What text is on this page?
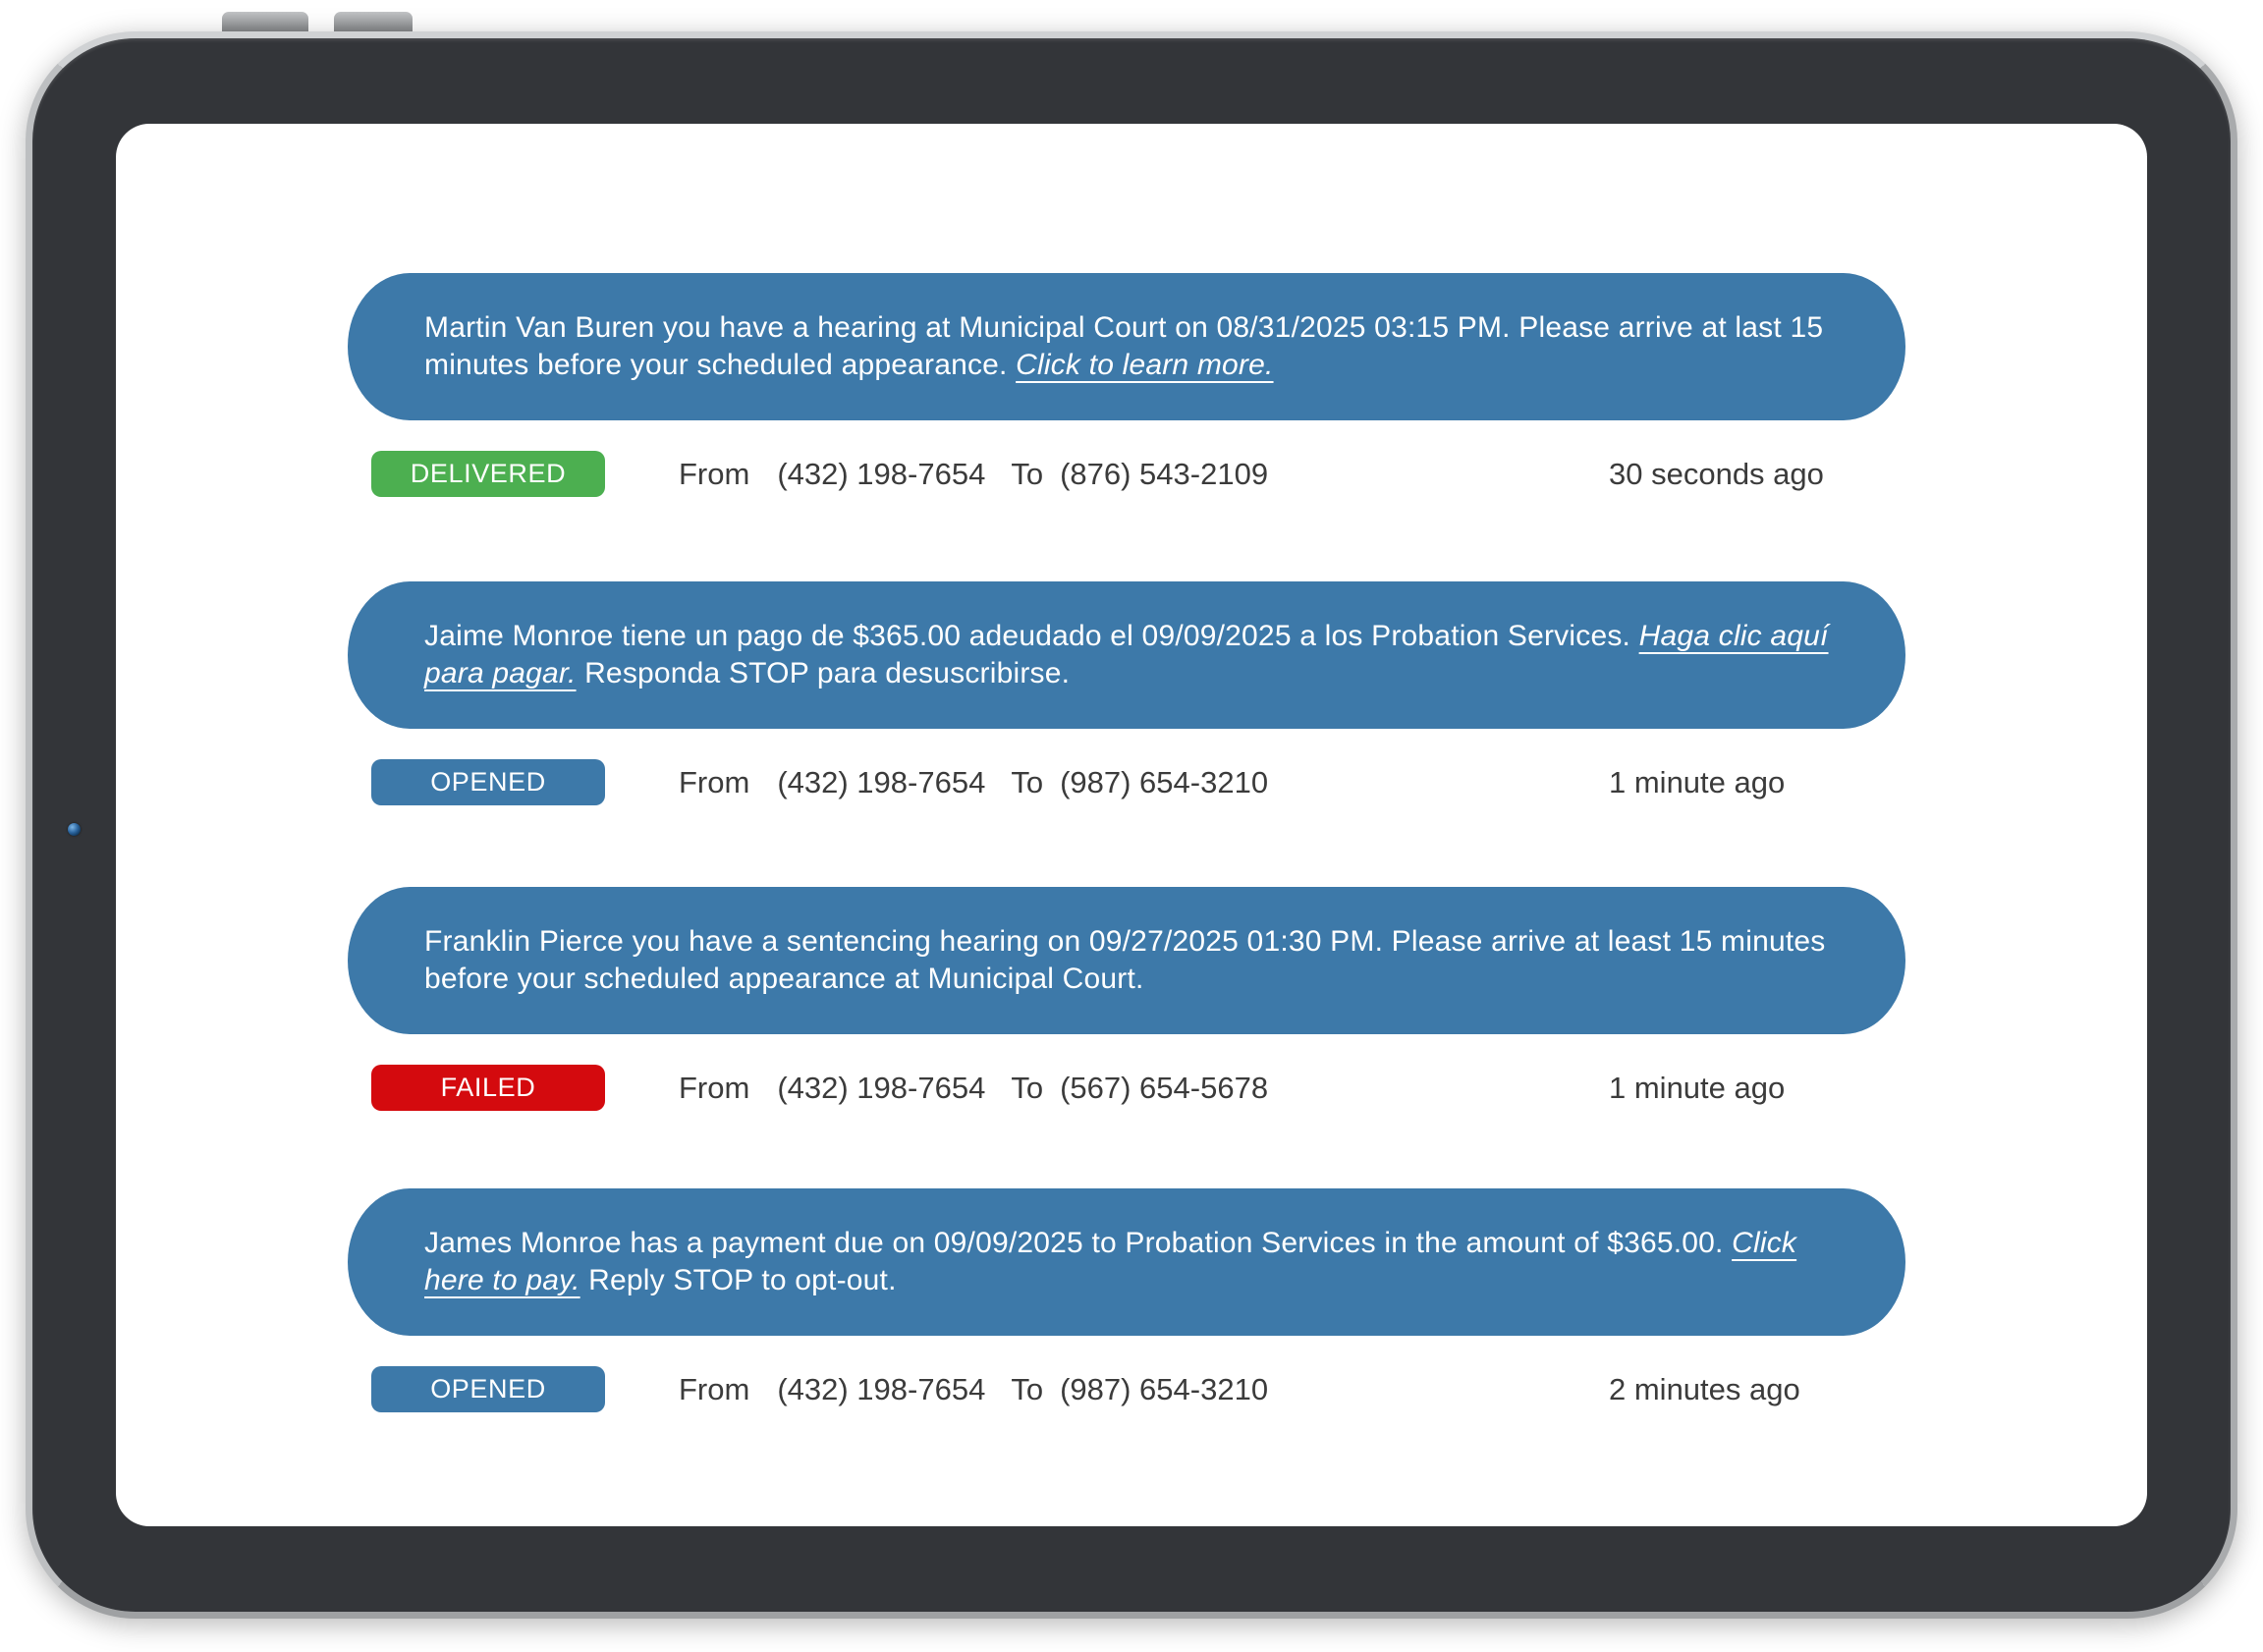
Martin Van Buren you have a hearing at Municipal Court on 08/31/2025 03:15 PM. Please arrive at last 15 minutes before your scheduled appearance. Click to learn more.
DELIVERED	From (432) 198-7654 To (876) 543-2109	30 seconds ago
Jaime Monroe tiene un pago de $365.00 adeudado el 09/09/2025 a los Probation Services. Haga clic aquí para pagar. Responda STOP para desuscribirse.
OPENED	From (432) 198-7654 To (987) 654-3210	1 minute ago
Franklin Pierce you have a sentencing hearing on 09/27/2025 01:30 PM. Please arrive at least 15 minutes before your scheduled appearance at Municipal Court.
FAILED	From (432) 198-7654 To (567) 654-5678	1 minute ago
James Monroe has a payment due on 09/09/2025 to Probation Services in the amount of $365.00. Click here to pay. Reply STOP to opt-out.
OPENED	From (432) 198-7654 To (987) 654-3210	2 minutes ago
